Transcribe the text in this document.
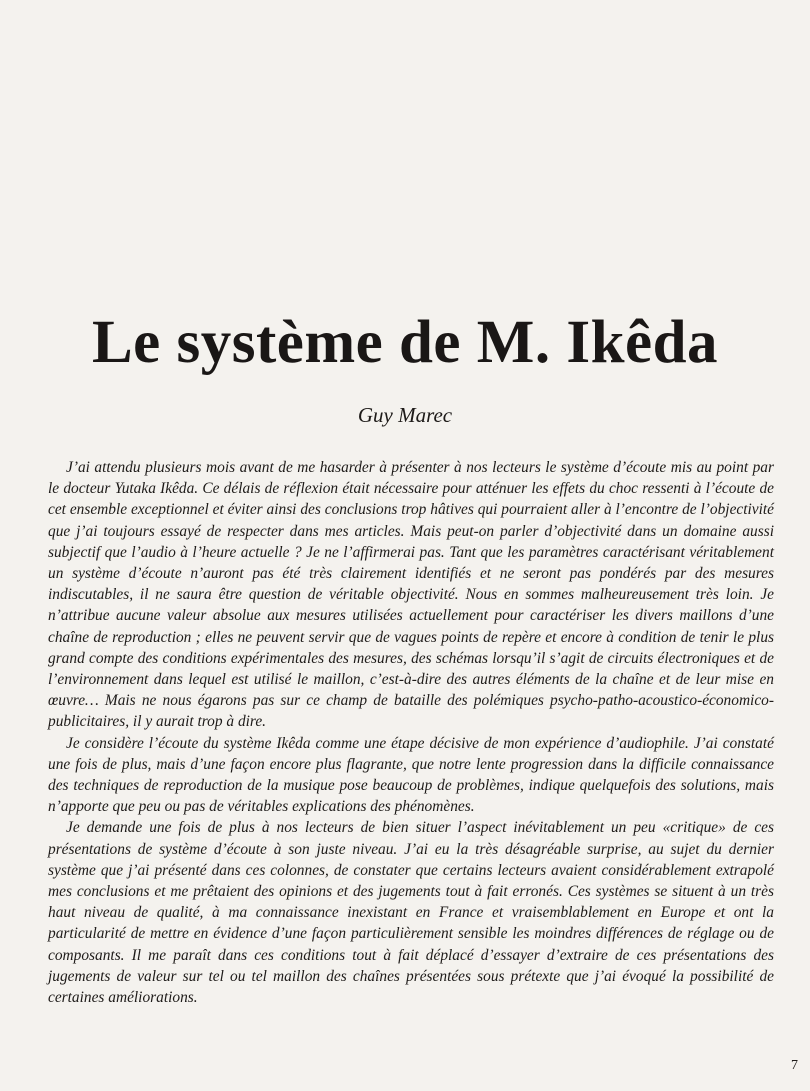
Le système de M. Ikêda
Guy Marec

J’ai attendu plusieurs mois avant de me hasarder à présenter à nos lecteurs le système d’écoute mis au point par le docteur Yutaka Ikêda. Ce délais de réflexion était nécessaire pour atténuer les effets du choc ressenti à l’écoute de cet ensemble exceptionnel et éviter ainsi des conclusions trop hâtives qui pourraient aller à l’encontre de l’objectivité que j’ai toujours essayé de respecter dans mes articles. Mais peut-on parler d’objectivité dans un domaine aussi subjectif que l’audio à l’heure actuelle ? Je ne l’affirmerai pas. Tant que les paramètres caractérisant véritablement un système d’écoute n’auront pas été très clairement identifiés et ne seront pas pondérés par des mesures indiscutables, il ne saura être question de véritable objectivité. Nous en sommes malheureusement très loin. Je n’attribue aucune valeur absolue aux mesures utilisées actuellement pour caractériser les divers maillons d’une chaîne de reproduction ; elles ne peuvent servir que de vagues points de repère et encore à condition de tenir le plus grand compte des conditions expérimentales des mesures, des schémas lorsqu’il s’agit de circuits électroniques et de l’environnement dans lequel est utilisé le maillon, c’est-à-dire des autres éléments de la chaîne et de leur mise en œuvre… Mais ne nous égarons pas sur ce champ de bataille des polémiques psycho-patho-acoustico-économico-publicitaires, il y aurait trop à dire.

Je considère l’écoute du système Ikêda comme une étape décisive de mon expérience d’audiophile. J’ai constaté une fois de plus, mais d’une façon encore plus flagrante, que notre lente progression dans la difficile connaissance des techniques de reproduction de la musique pose beaucoup de problèmes, indique quelquefois des solutions, mais n’apporte que peu ou pas de véritables explications des phénomènes.

Je demande une fois de plus à nos lecteurs de bien situer l’aspect inévitablement un peu «critique» de ces présentations de système d’écoute à son juste niveau. J’ai eu la très désagréable surprise, au sujet du dernier système que j’ai présenté dans ces colonnes, de constater que certains lecteurs avaient considérablement extrapolé mes conclusions et me prêtaient des opinions et des jugements tout à fait erronés. Ces systèmes se situent à un très haut niveau de qualité, à ma connaissance inexistant en France et vraisemblablement en Europe et ont la particularité de mettre en évidence d’une façon particulièrement sensible les moindres différences de réglage ou de composants. Il me paraît dans ces conditions tout à fait déplacé d’essayer d’extraire de ces présentations des jugements de valeur sur tel ou tel maillon des chaînes présentées sous prétexte que j’ai évoqué la possibilité de certaines améliorations.

7
